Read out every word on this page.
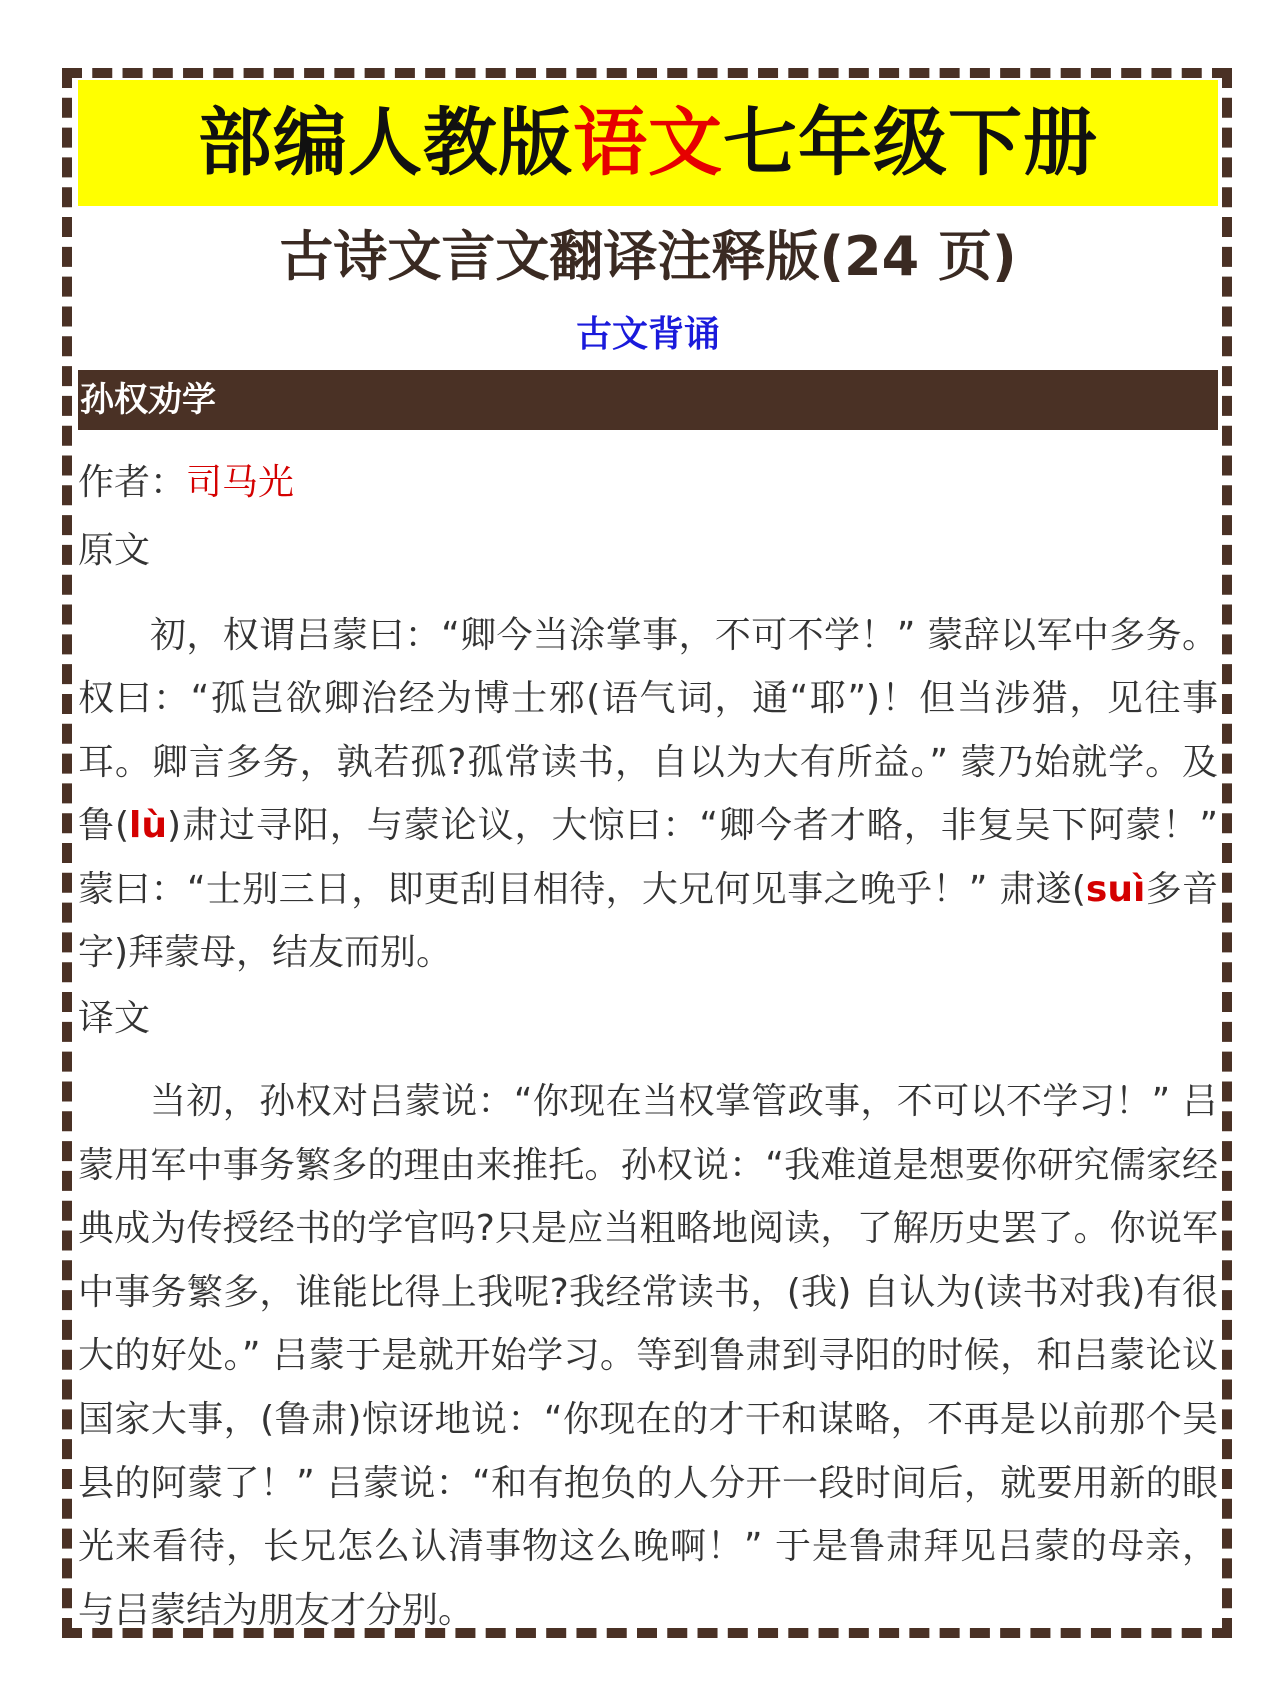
部编人教版语文七年级下册
古诗文言文翻译注释版(24 页)
古文背诵
孙权劝学
作者：司马光
原文

初，权谓吕蒙曰：“卿今当涂掌事，不可不学！” 蒙辞以军中多务。权曰：“孤岂欲卿治经为博士邪(语气词，通“耶”)！但当涉猎，见往事耳。卿言多务，孰若孤?孤常读书，自以为大有所益。” 蒙乃始就学。及鲁(lù)肃过寻阳，与蒙论议，大惊曰：“卿今者才略，非复吴下阿蒙！” 蒙曰：“士别三日，即更刮目相待，大兄何见事之晚乎！” 肃遂(suì多音字)拜蒙母，结友而别。

译文

当初，孙权对吕蒙说：“你现在当权掌管政事，不可以不学习！” 吕蒙用军中事务繁多的理由来推托。孙权说：“我难道是想要你研究儒家经典成为传授经书的学官吗?只是应当粗略地阅读，了解历史罢了。你说军中事务繁多，谁能比得上我呢?我经常读书，(我) 自认为(读书对我)有很大的好处。” 吕蒙于是就开始学习。等到鲁肃到寻阳的时候，和吕蒙论议国家大事，(鲁肃)惊讶地说：“你现在的才干和谋略，不再是以前那个吴县的阿蒙了！” 吕蒙说：“和有抱负的人分开一段时间后，就要用新的眼光来看待，长兄怎么认清事物这么晚啊！” 于是鲁肃拜见吕蒙的母亲，与吕蒙结为朋友才分别。
